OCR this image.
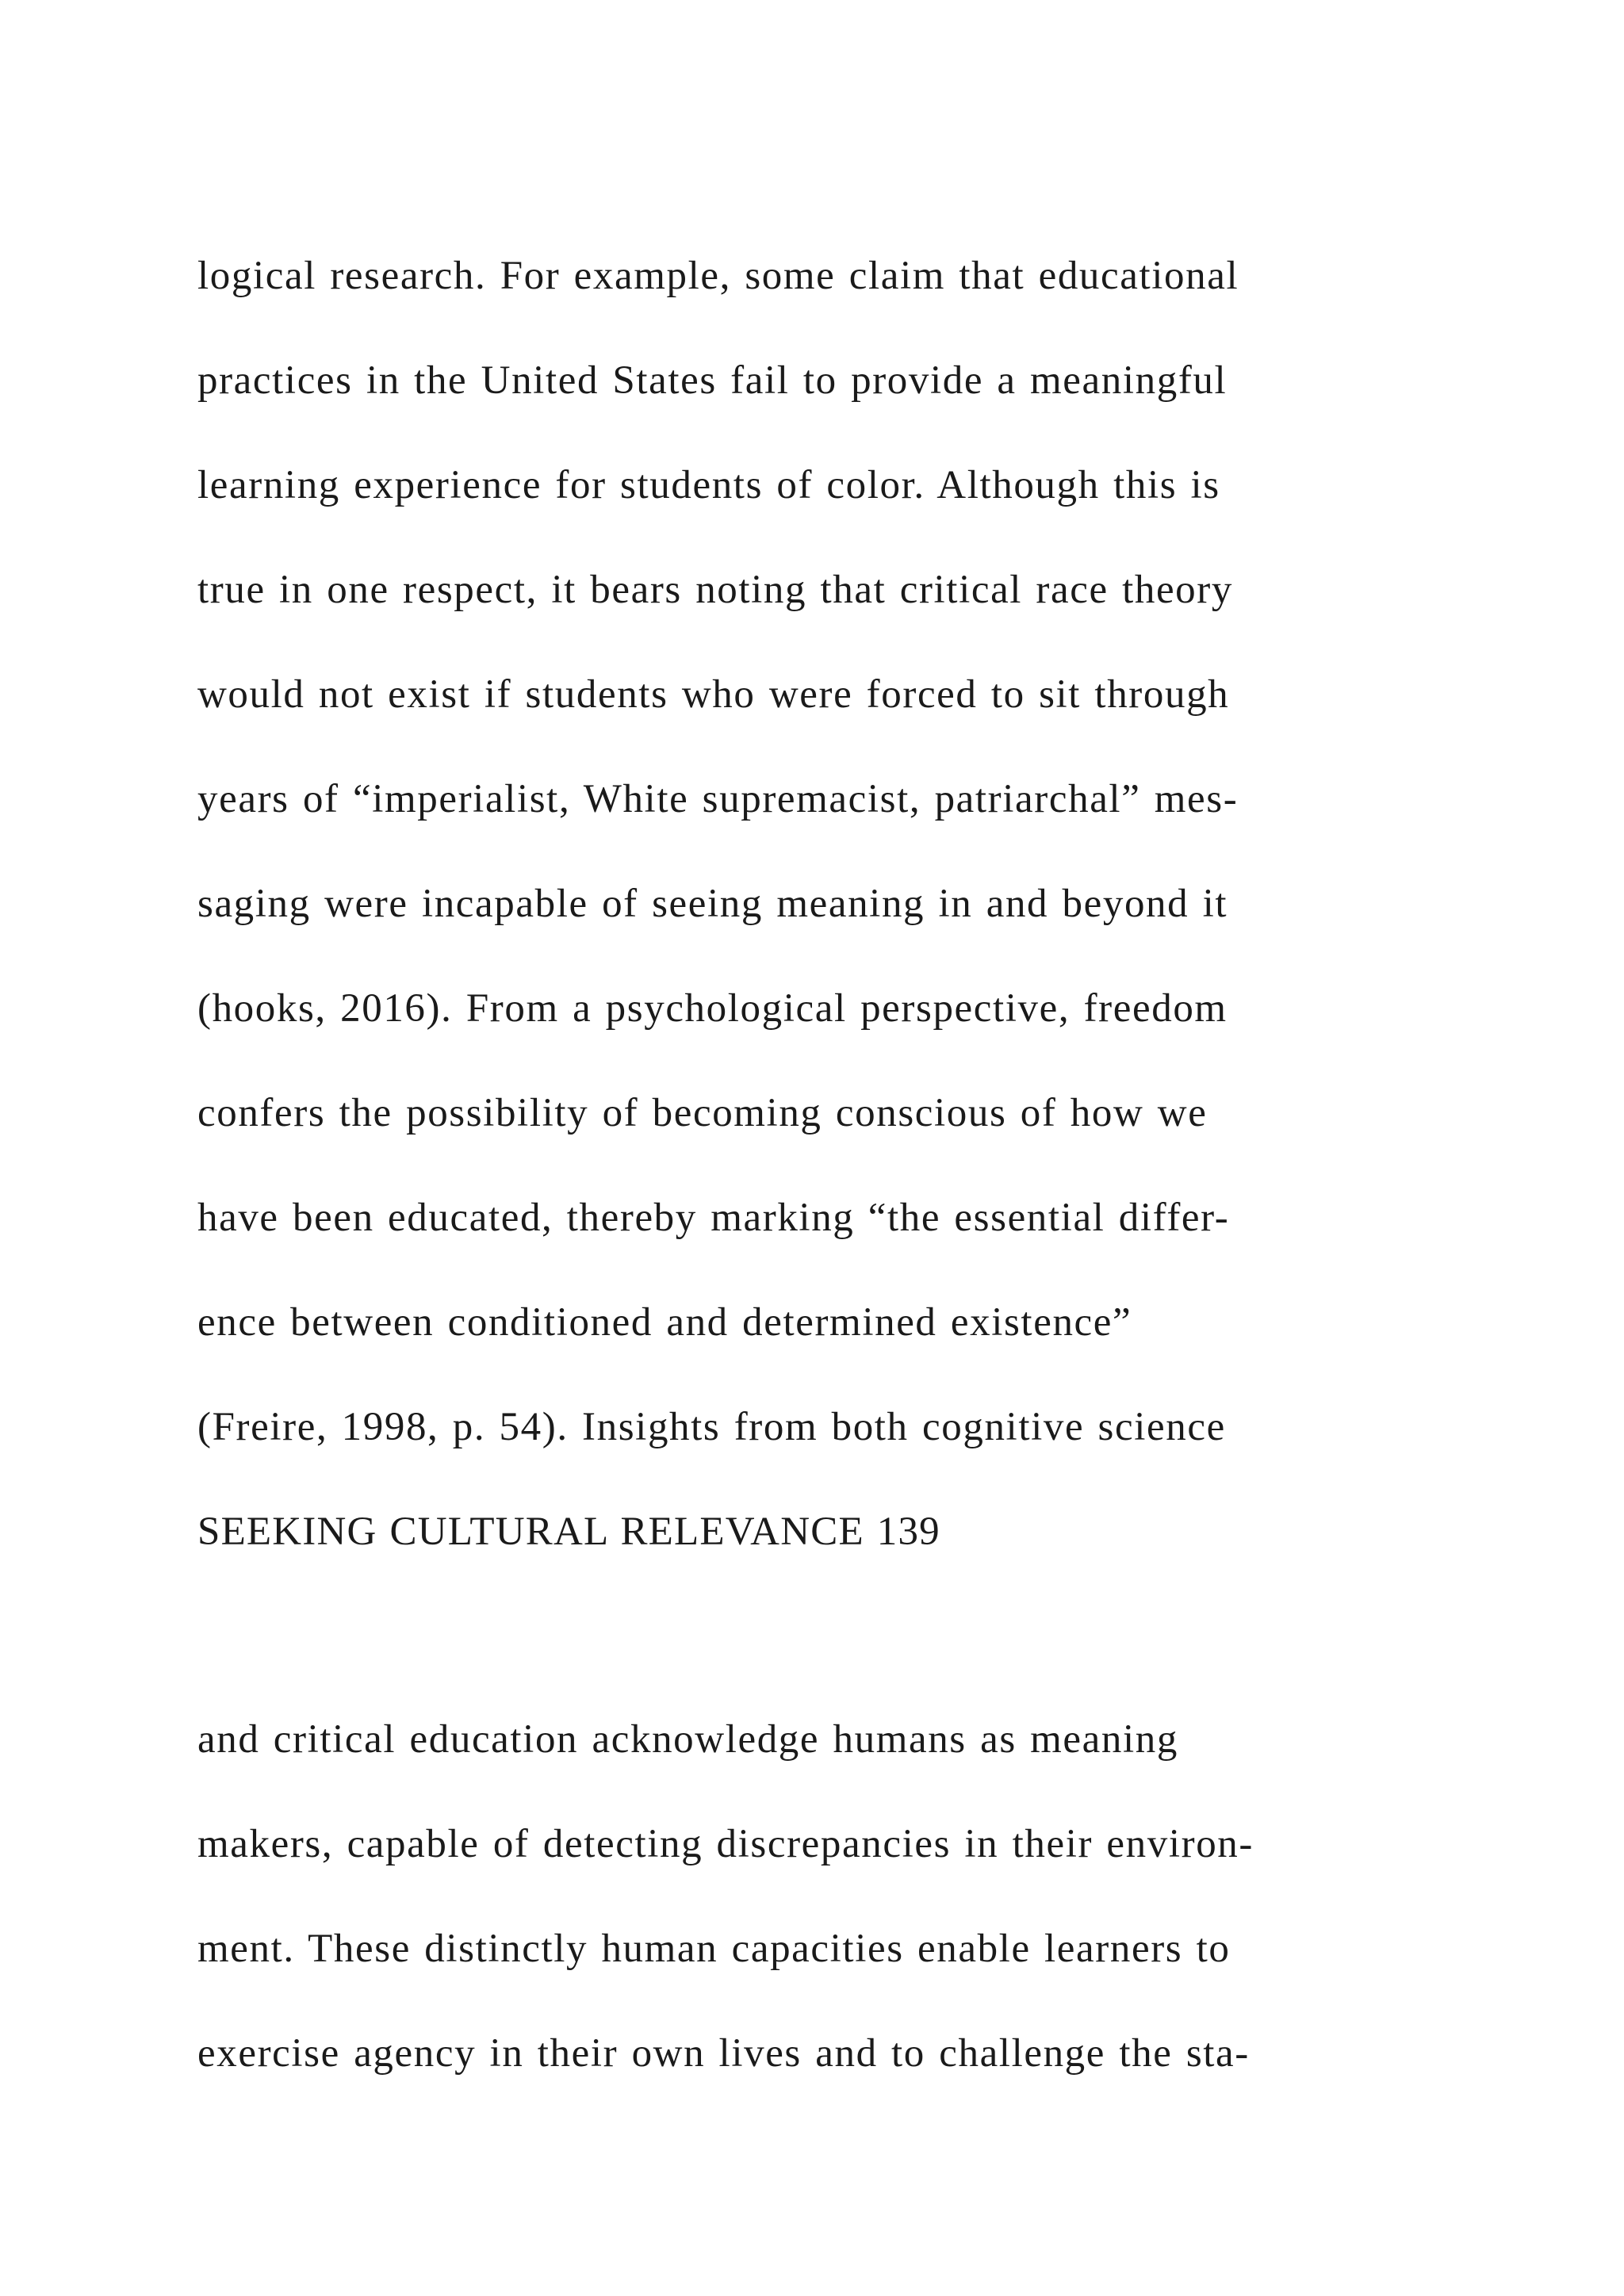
logical research. For example, some claim that educational
practices in the United States fail to provide a meaningful
learning experience for students of color. Although this is
true in one respect, it bears noting that critical race theory
would not exist if students who were forced to sit through
years of “imperialist, White supremacist, patriarchal” mes-
saging were incapable of seeing meaning in and beyond it
(hooks, 2016). From a psychological perspective, freedom
confers the possibility of becoming conscious of how we
have been educated, thereby marking “the essential differ-
ence between conditioned and determined existence”
(Freire, 1998, p. 54). Insights from both cognitive science
SEEKING CULTURAL RELEVANCE 139
and critical education acknowledge humans as meaning
makers, capable of detecting discrepancies in their environ-
ment. These distinctly human capacities enable learners to
exercise agency in their own lives and to challenge the sta-
